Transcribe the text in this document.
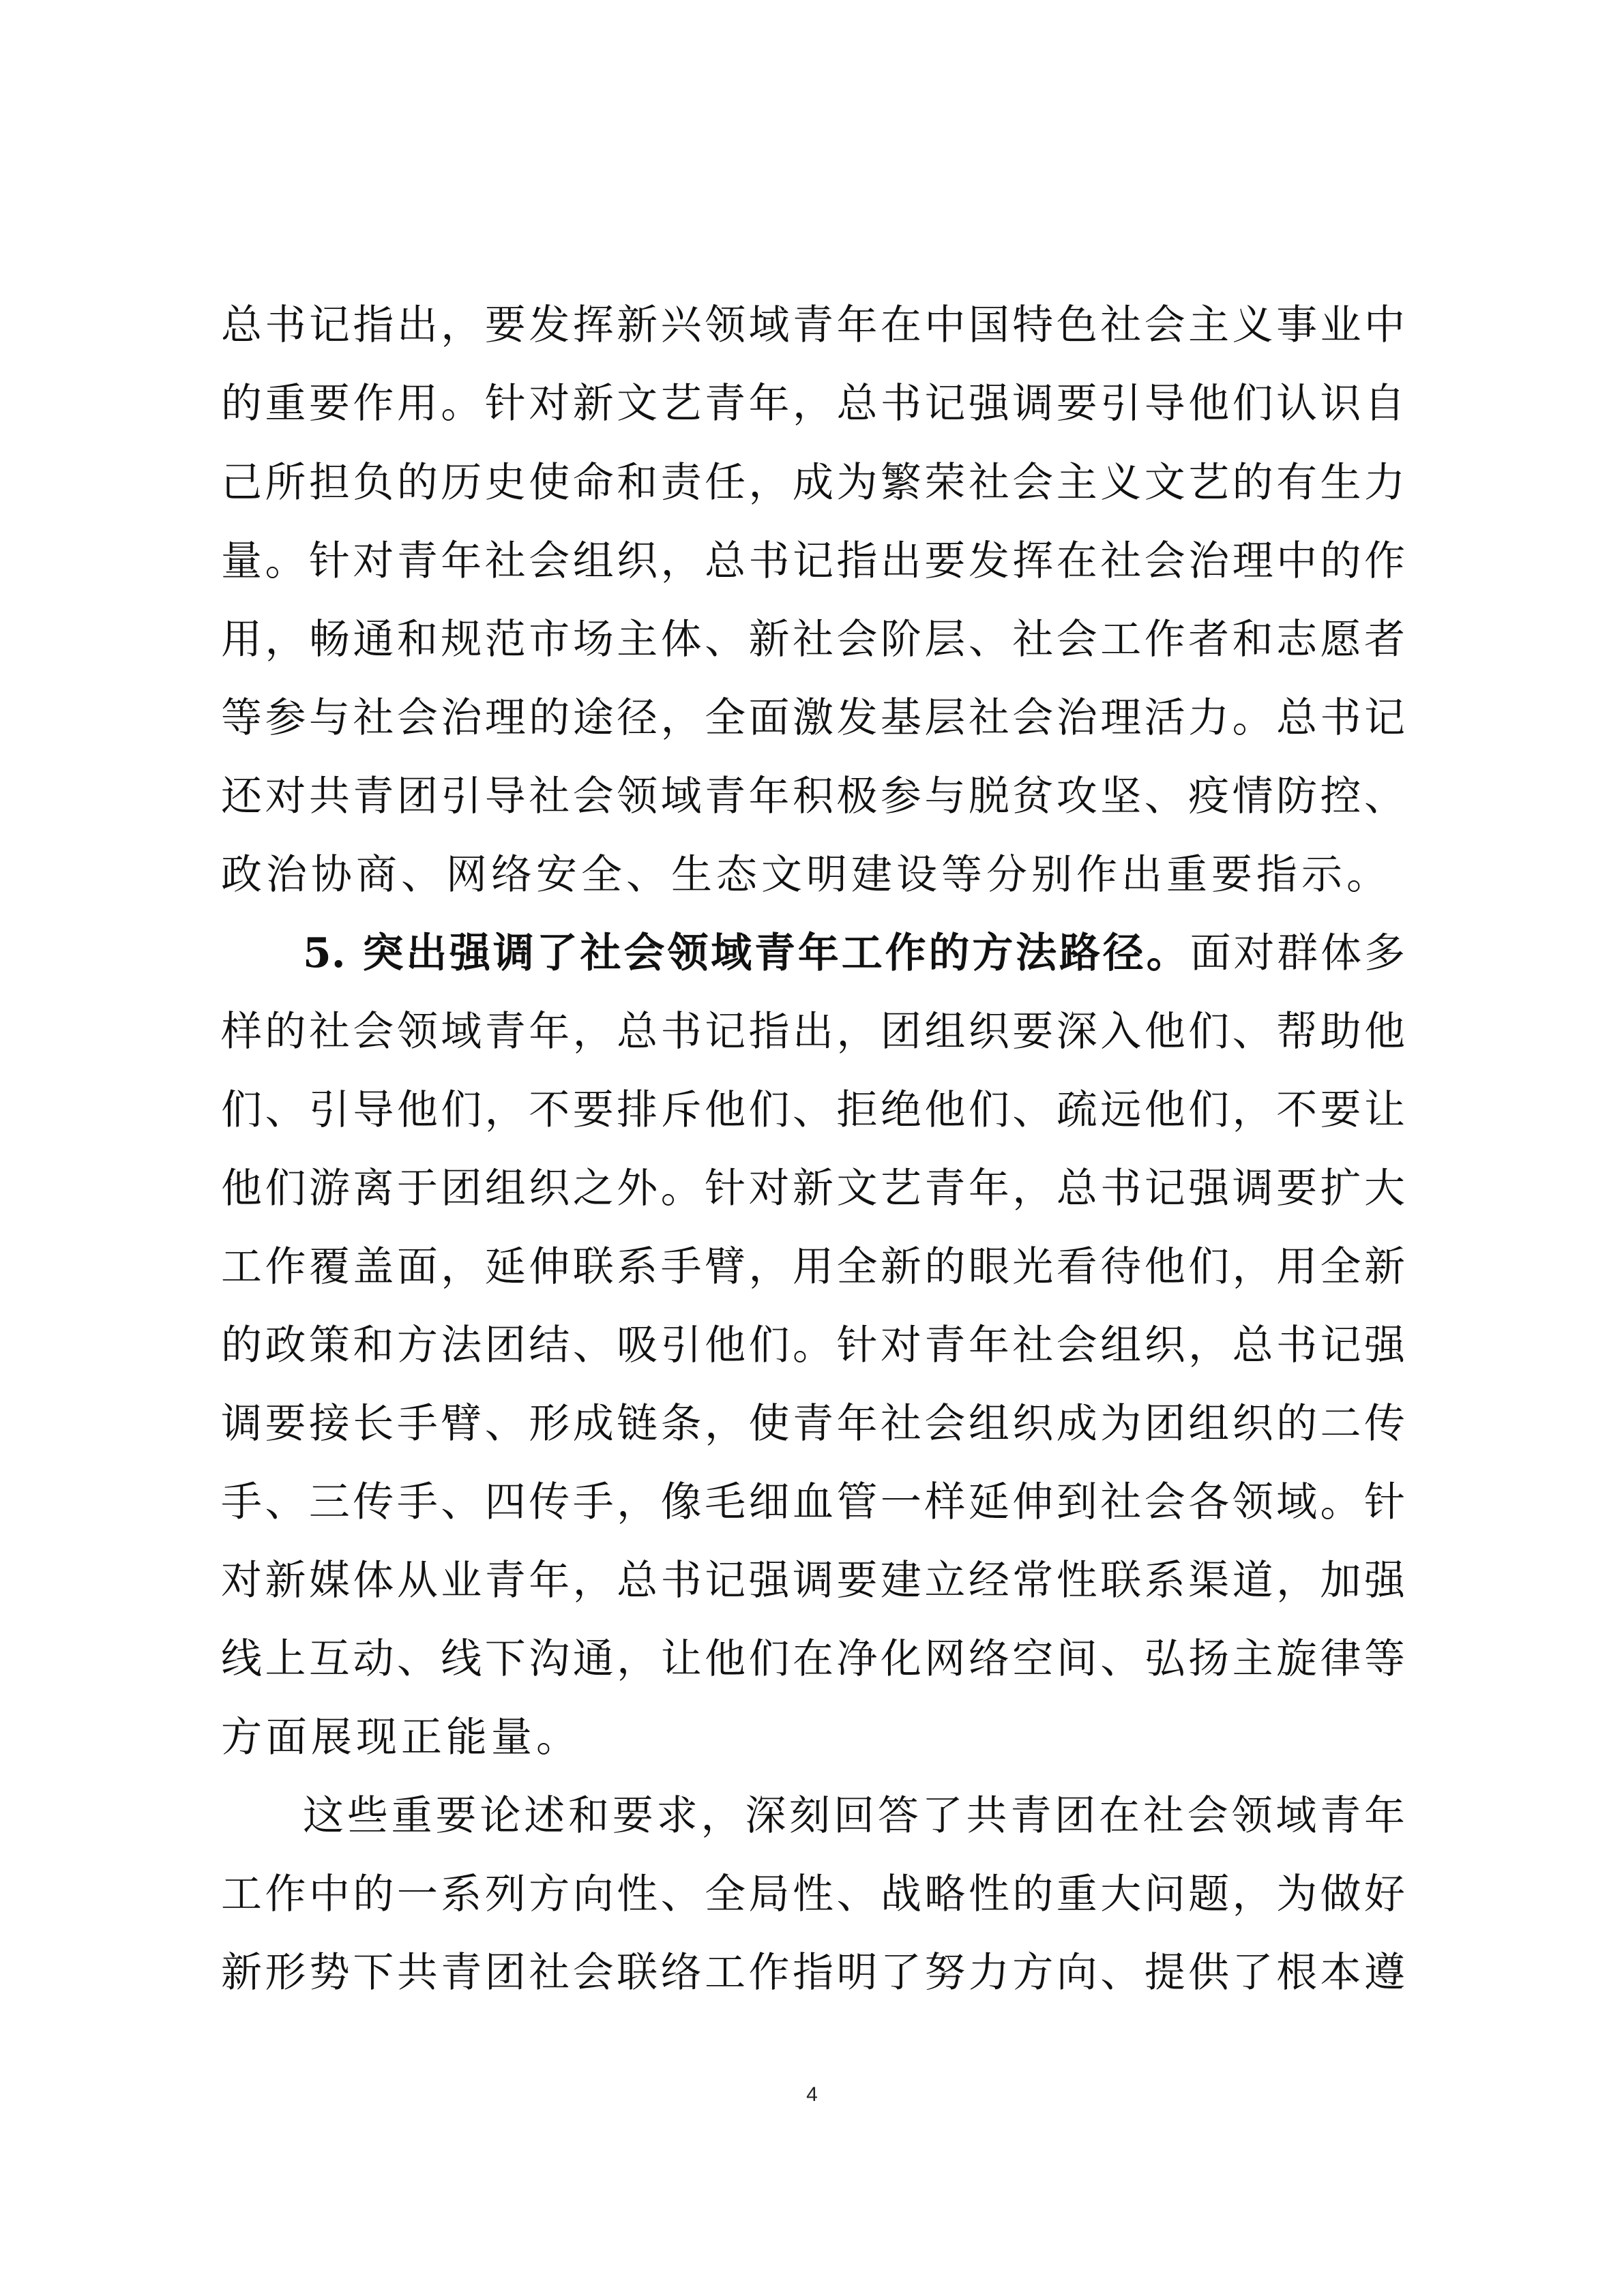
总书记指出，要发挥新兴领域青年在中国特色社会主义事业中
的重要作用。针对新文艺青年，总书记强调要引导他们认识自
己所担负的历史使命和责任，成为繁荣社会主义文艺的有生力
量。针对青年社会组织，总书记指出要发挥在社会治理中的作
用，畅通和规范市场主体、新社会阶层、社会工作者和志愿者
等参与社会治理的途径，全面激发基层社会治理活力。总书记
还对共青团引导社会领域青年积极参与脱贫攻坚、疫情防控、
政治协商、网络安全、生态文明建设等分别作出重要指示。
5. 突出强调了社会领域青年工作的方法路径。面对群体多
样的社会领域青年，总书记指出，团组织要深入他们、帮助他
们、引导他们，不要排斥他们、拒绝他们、疏远他们，不要让
他们游离于团组织之外。针对新文艺青年，总书记强调要扩大
工作覆盖面，延伸联系手臂，用全新的眼光看待他们，用全新
的政策和方法团结、吸引他们。针对青年社会组织，总书记强
调要接长手臂、形成链条，使青年社会组织成为团组织的二传
手、三传手、四传手，像毛细血管一样延伸到社会各领域。针
对新媒体从业青年，总书记强调要建立经常性联系渠道，加强
线上互动、线下沟通，让他们在净化网络空间、弘扬主旋律等
方面展现正能量。
这些重要论述和要求，深刻回答了共青团在社会领域青年
工作中的一系列方向性、全局性、战略性的重大问题，为做好
新形势下共青团社会联络工作指明了努力方向、提供了根本遵
4
